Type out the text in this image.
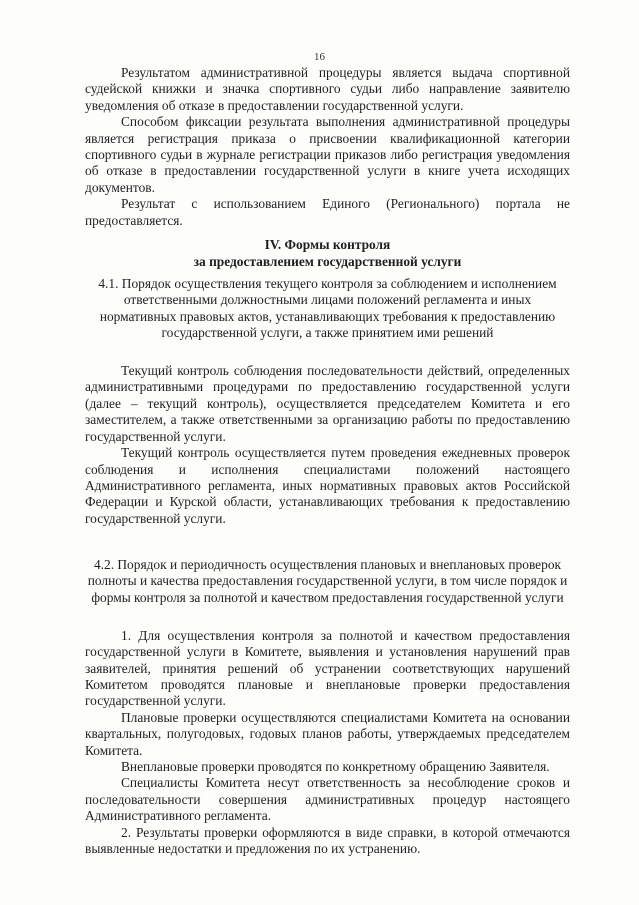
16

Результатом административной процедуры является выдача спортивной судейской книжки и значка спортивного судьи либо направление заявителю уведомления об отказе в предоставлении государственной услуги.

Способом фиксации результата выполнения административной процедуры является регистрация приказа о присвоении квалификационной категории спортивного судьи в журнале регистрации приказов либо регистрация уведомления об отказе в предоставлении государственной услуги в книге учета исходящих документов.

Результат с использованием Единого (Регионального) портала не предоставляется.

IV. Формы контроля
за предоставлением государственной услуги
4.1. Порядок осуществления текущего контроля за соблюдением и исполнением ответственными должностными лицами положений регламента и иных нормативных правовых актов, устанавливающих требования к предоставлению государственной услуги, а также принятием ими решений

Текущий контроль соблюдения последовательности действий, определенных административными процедурами по предоставлению государственной услуги (далее – текущий контроль), осуществляется председателем Комитета и его заместителем, а также ответственными за организацию работы по предоставлению государственной услуги.

Текущий контроль осуществляется путем проведения ежедневных проверок соблюдения и исполнения специалистами положений настоящего Административного регламента, иных нормативных правовых актов Российской Федерации и Курской области, устанавливающих требования к предоставлению государственной услуги.

4.2. Порядок и периодичность осуществления плановых и внеплановых проверок полноты и качества предоставления государственной услуги, в том числе порядок и формы контроля за полнотой и качеством предоставления государственной услуги

1. Для осуществления контроля за полнотой и качеством предоставления государственной услуги в Комитете, выявления и установления нарушений прав заявителей, принятия решений об устранении соответствующих нарушений Комитетом проводятся плановые и внеплановые проверки предоставления государственной услуги.

Плановые проверки осуществляются специалистами Комитета на основании квартальных, полугодовых, годовых планов работы, утверждаемых председателем Комитета.

Внеплановые проверки проводятся по конкретному обращению Заявителя.

Специалисты Комитета несут ответственность за несоблюдение сроков и последовательности совершения административных процедур настоящего Административного регламента.

2. Результаты проверки оформляются в виде справки, в которой отмечаются выявленные недостатки и предложения по их устранению.
